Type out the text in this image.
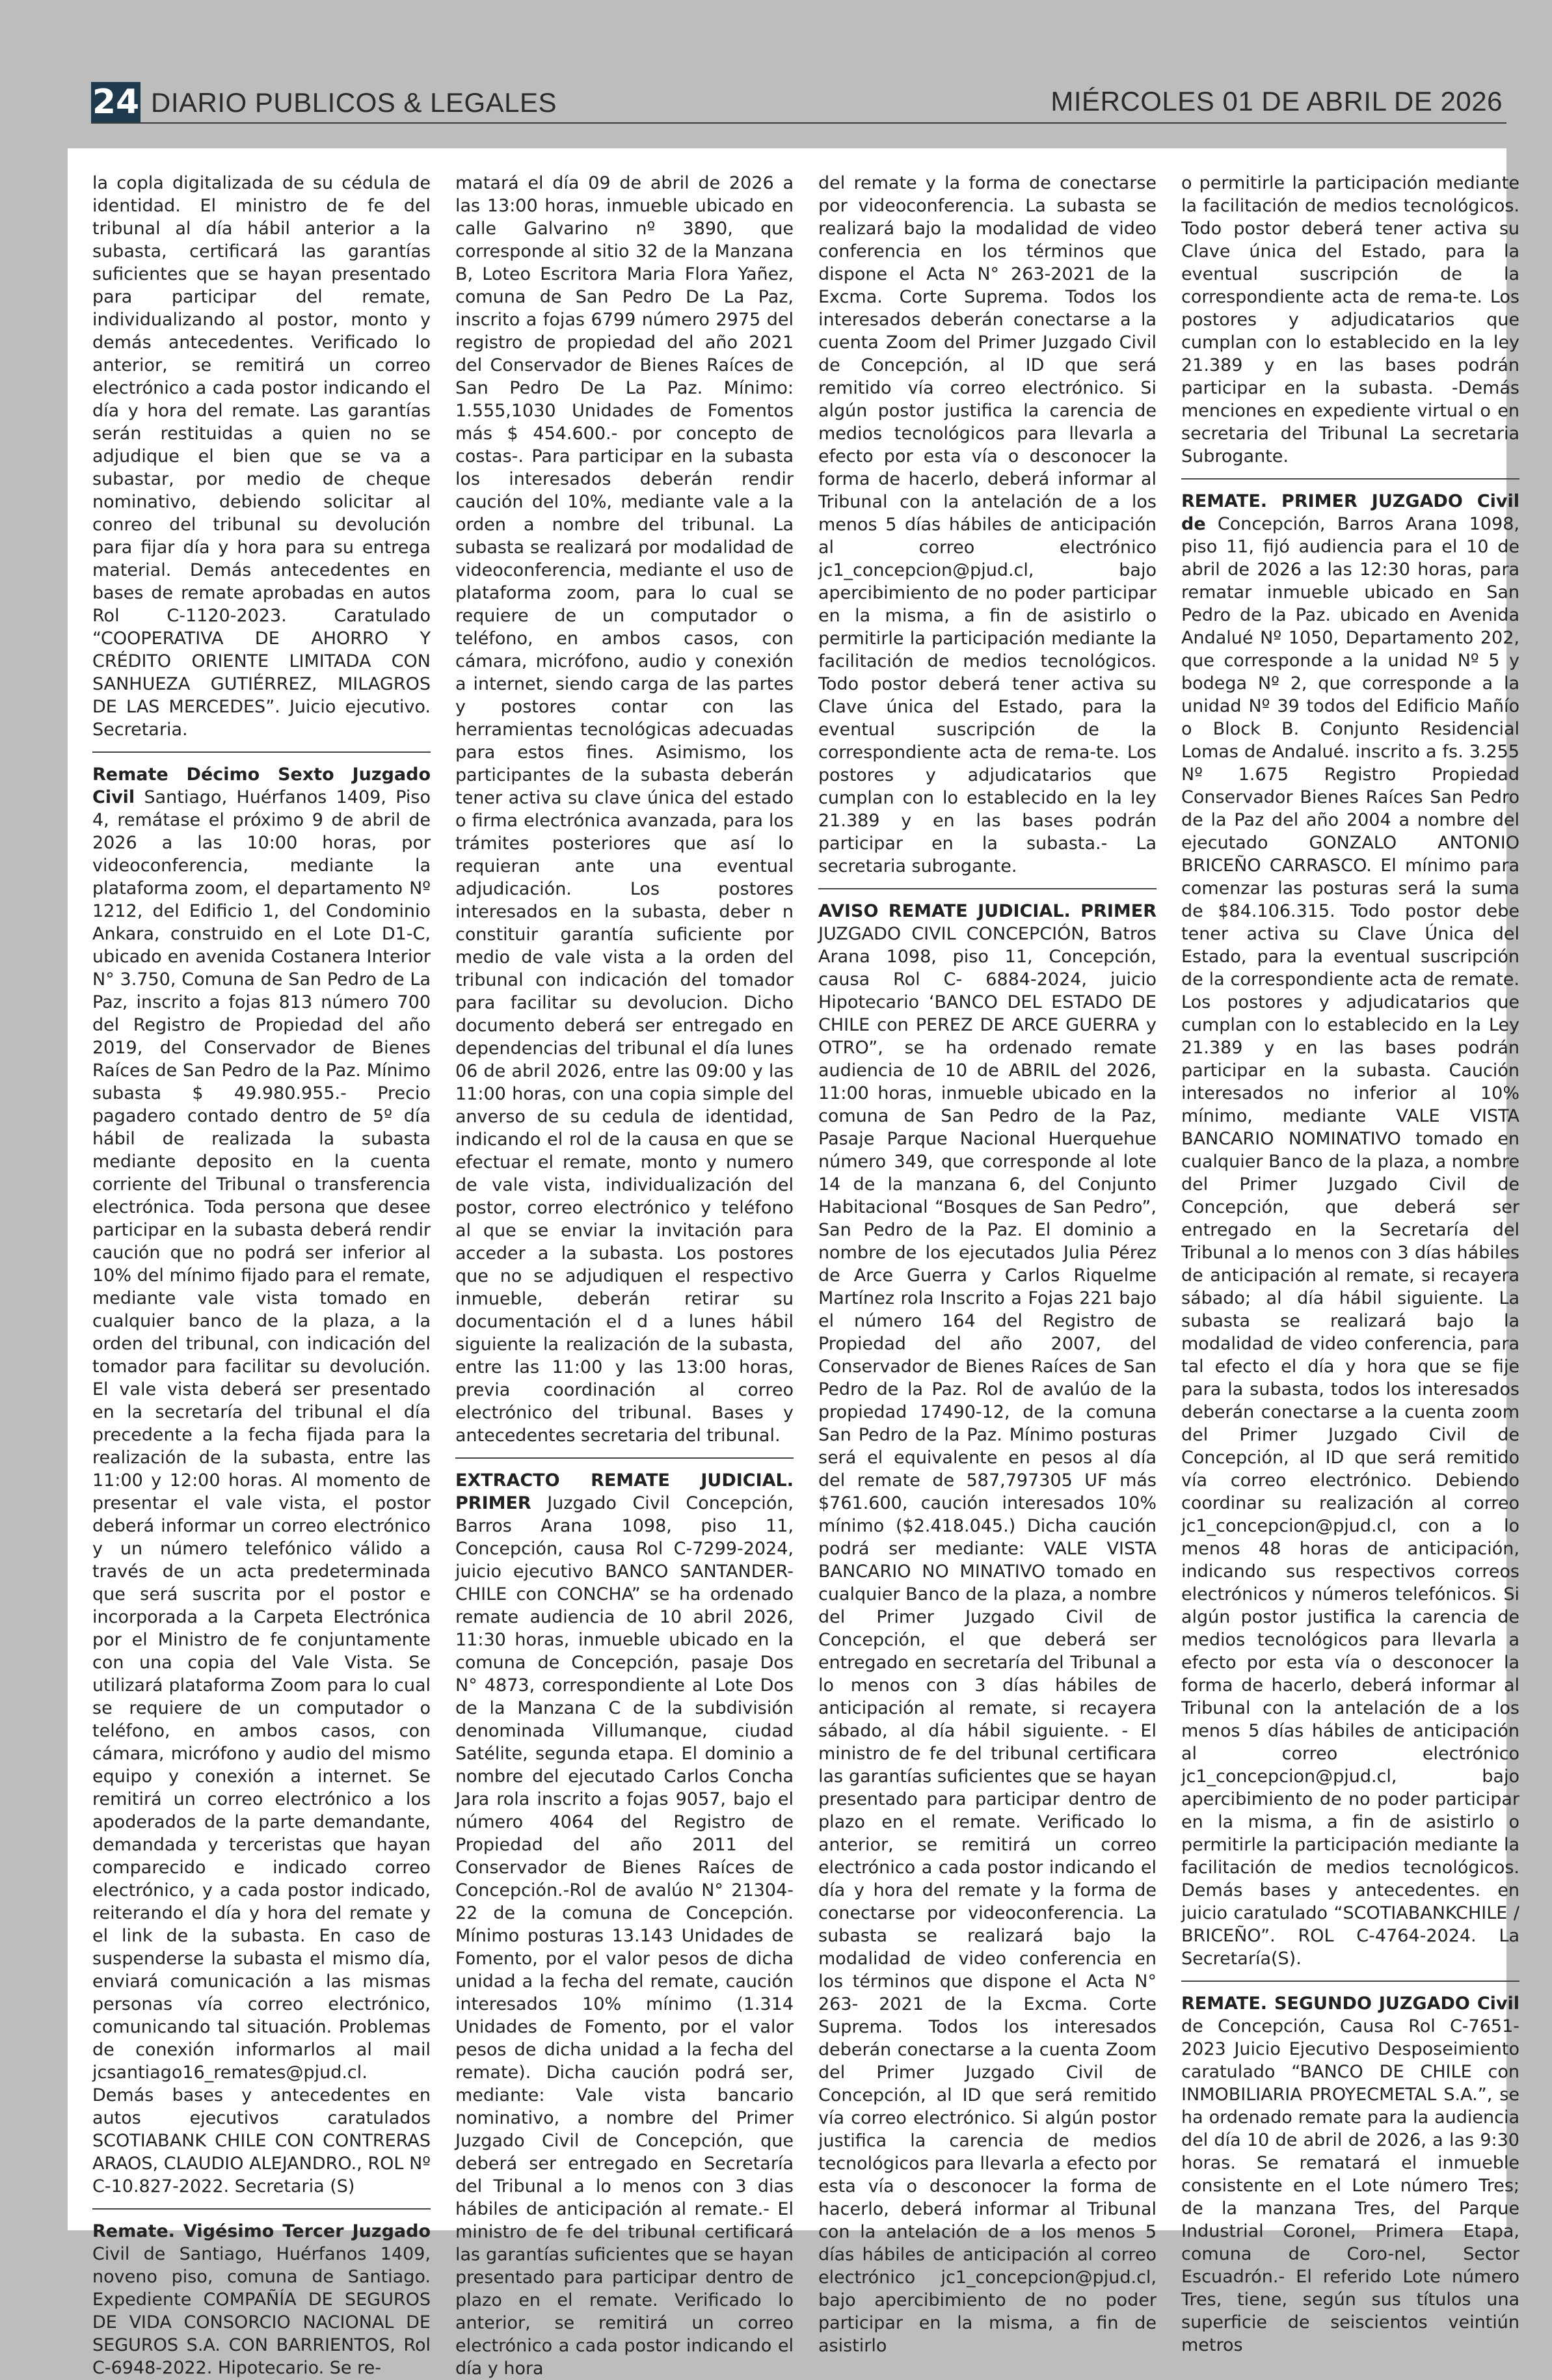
24 DIARIO PUBLICOS & LEGALES	MIÉRCOLES 01 DE ABRIL DE 2026

la copla digitalizada de su cédula de identidad. El ministro de fe del tribunal al día hábil anterior a la subasta, certificará las garantías suficientes que se hayan presentado para participar del remate, individualizando al postor, monto y demás antecedentes. Verificado lo anterior, se remitirá un correo electrónico a cada postor indicando el día y hora del remate. Las garantías serán restituidas a quien no se adjudique el bien que se va a subastar, por medio de cheque nominativo, debiendo solicitar al conreo del tribunal su devolución para fijar día y hora para su entrega material. Demás antecedentes en bases de remate aprobadas en autos Rol C-1120-2023. Caratulado “COOPERATIVA DE AHORRO Y CRÉDITO ORIENTE LIMITADA CON SANHUEZA GUTIÉRREZ, MILAGROS DE LAS MERCEDES”. Juicio ejecutivo. Secretaria.

Remate Décimo Sexto Juzgado Civil Santiago, Huérfanos 1409, Piso 4, remátase el próximo 9 de abril de 2026 a las 10:00 horas, por videoconferencia, mediante la plataforma zoom, el departamento Nº 1212, del Edificio 1, del Condominio Ankara, construido en el Lote D1-C, ubicado en avenida Costanera Interior N° 3.750, Comuna de San Pedro de La Paz, inscrito a fojas 813 número 700 del Registro de Propiedad del año 2019, del Conservador de Bienes Raíces de San Pedro de la Paz. Mínimo subasta $ 49.980.955.- Precio pagadero contado dentro de 5º día hábil de realizada la subasta mediante deposito en la cuenta corriente del Tribunal o transferencia electrónica. Toda persona que desee participar en la subasta deberá rendir caución que no podrá ser inferior al 10% del mínimo fijado para el remate, mediante vale vista tomado en cualquier banco de la plaza, a la orden del tribunal, con indicación del tomador para facilitar su devolución. El vale vista deberá ser presentado en la secretaría del tribunal el día precedente a la fecha fijada para la realización de la subasta, entre las 11:00 y 12:00 horas. Al momento de presentar el vale vista, el postor deberá informar un correo electrónico y un número telefónico válido a través de un acta predeterminada que será suscrita por el postor e incorporada a la Carpeta Electrónica por el Ministro de fe conjuntamente con una copia del Vale Vista. Se utilizará plataforma Zoom para lo cual se requiere de un computador o teléfono, en ambos casos, con cámara, micrófono y audio del mismo equipo y conexión a internet. Se remitirá un correo electrónico a los apoderados de la parte demandante, demandada y terceristas que hayan comparecido e indicado correo electrónico, y a cada postor indicado, reiterando el día y hora del remate y el link de la subasta. En caso de suspenderse la subasta el mismo día, enviará comunicación a las mismas personas vía correo electrónico, comunicando tal situación. Problemas de conexión informarlos al mail jcsantiago16_remates@pjud.cl. Demás bases y antecedentes en autos ejecutivos caratulados SCOTIABANK CHILE CON CONTRERAS ARAOS, CLAUDIO ALEJANDRO., ROL Nº C-10.827-2022. Secretaria (S)

Remate. Vigésimo Tercer Juzgado Civil de Santiago, Huérfanos 1409, noveno piso, comuna de Santiago. Expediente COMPAÑÍA DE SEGUROS DE VIDA CONSORCIO NACIONAL DE SEGUROS S.A. CON BARRIENTOS, Rol C-6948-2022. Hipotecario. Se re-

matará el día 09 de abril de 2026 a las 13:00 horas, inmueble ubicado en calle Galvarino nº 3890, que corresponde al sitio 32 de la Manzana B, Loteo Escritora Maria Flora Yañez, comuna de San Pedro De La Paz, inscrito a fojas 6799 número 2975 del registro de propiedad del año 2021 del Conservador de Bienes Raíces de San Pedro De La Paz. Mínimo: 1.555,1030 Unidades de Fomentos más $ 454.600.- por concepto de costas-. Para participar en la subasta los interesados deberán rendir caución del 10%, mediante vale a la orden a nombre del tribunal. La subasta se realizará por modalidad de videoconferencia, mediante el uso de plataforma zoom, para lo cual se requiere de un computador o teléfono, en ambos casos, con cámara, micrófono, audio y conexión a internet, siendo carga de las partes y postores contar con las herramientas tecnológicas adecuadas para estos fines. Asimismo, los participantes de la subasta deberán tener activa su clave única del estado o firma electrónica avanzada, para los trámites posteriores que así lo requieran ante una eventual adjudicación. Los postores interesados en la subasta, deber n constituir garantía suficiente por medio de vale vista a la orden del tribunal con indicación del tomador para facilitar su devolucion. Dicho documento deberá ser entregado en dependencias del tribunal el día lunes 06 de abril 2026, entre las 09:00 y las 11:00 horas, con una copia simple del anverso de su cedula de identidad, indicando el rol de la causa en que se efectuar el remate, monto y numero de vale vista, individualización del postor, correo electrónico y teléfono al que se enviar la invitación para acceder a la subasta. Los postores que no se adjudiquen el respectivo inmueble, deberán retirar su documentación el d a lunes hábil siguiente la realización de la subasta, entre las 11:00 y las 13:00 horas, previa coordinación al correo electrónico del tribunal. Bases y antecedentes secretaria del tribunal.

EXTRACTO REMATE JUDICIAL. PRIMER Juzgado Civil Concepción, Barros Arana 1098, piso 11, Concepción, causa Rol C-7299-2024, juicio ejecutivo BANCO SANTANDER-CHILE con CONCHA” se ha ordenado remate audiencia de 10 abril 2026, 11:30 horas, inmueble ubicado en la comuna de Concepción, pasaje Dos N° 4873, correspondiente al Lote Dos de la Manzana C de la subdivisión denominada Villumanque, ciudad Satélite, segunda etapa. El dominio a nombre del ejecutado Carlos Concha Jara rola inscrito a fojas 9057, bajo el número 4064 del Registro de Propiedad del año 2011 del Conservador de Bienes Raíces de Concepción.-Rol de avalúo N° 21304-22 de la comuna de Concepción. Mínimo posturas 13.143 Unidades de Fomento, por el valor pesos de dicha unidad a la fecha del remate, caución interesados 10% mínimo (1.314 Unidades de Fomento, por el valor pesos de dicha unidad a la fecha del remate). Dicha caución podrá ser, mediante: Vale vista bancario nominativo, a nombre del Primer Juzgado Civil de Concepción, que deberá ser entregado en Secretaría del Tribunal a lo menos con 3 dias hábiles de anticipación al remate.- El ministro de fe del tribunal certificará las garantías suficientes que se hayan presentado para participar dentro de plazo en el remate. Verificado lo anterior, se remitirá un correo electrónico a cada postor indicando el día y hora

del remate y la forma de conectarse por videoconferencia. La subasta se realizará bajo la modalidad de video conferencia en los términos que dispone el Acta N° 263-2021 de la Excma. Corte Suprema. Todos los interesados deberán conectarse a la cuenta Zoom del Primer Juzgado Civil de Concepción, al ID que será remitido vía correo electrónico. Si algún postor justifica la carencia de medios tecnológicos para llevarla a efecto por esta vía o desconocer la forma de hacerlo, deberá informar al Tribunal con la antelación de a los menos 5 días hábiles de anticipación al correo electrónico jc1_concepcion@pjud.cl, bajo apercibimiento de no poder participar en la misma, a fin de asistirlo o permitirle la participación mediante la facilitación de medios tecnológicos. Todo postor deberá tener activa su Clave única del Estado, para la eventual suscripción de la correspondiente acta de rema-te. Los postores y adjudicatarios que cumplan con lo establecido en la ley 21.389 y en las bases podrán participar en la subasta.- La secretaria subrogante.

AVISO REMATE JUDICIAL. PRIMER JUZGADO CIVIL CONCEPCIÓN, Batros Arana 1098, piso 11, Concepción, causa Rol C- 6884-2024, juicio Hipotecario ‘BANCO DEL ESTADO DE CHILE con PEREZ DE ARCE GUERRA y OTRO”, se ha ordenado remate audiencia de 10 de ABRIL del 2026, 11:00 horas, inmueble ubicado en la comuna de San Pedro de la Paz, Pasaje Parque Nacional Huerquehue número 349, que corresponde al lote 14 de la manzana 6, del Conjunto Habitacional “Bosques de San Pedro”, San Pedro de la Paz. El dominio a nombre de los ejecutados Julia Pérez de Arce Guerra y Carlos Riquelme Martínez rola Inscrito a Fojas 221 bajo el número 164 del Registro de Propiedad del año 2007, del Conservador de Bienes Raíces de San Pedro de la Paz. Rol de avalúo de la propiedad 17490-12, de la comuna San Pedro de la Paz. Mínimo posturas será el equivalente en pesos al día del remate de 587,797305 UF más $761.600, caución interesados 10% mínimo ($2.418.045.) Dicha caución podrá ser mediante: VALE VISTA BANCARIO NO MINATIVO tomado en cualquier Banco de la plaza, a nombre del Primer Juzgado Civil de Concepción, el que deberá ser entregado en secretaría del Tribunal a lo menos con 3 días hábiles de anticipación al remate, si recayera sábado, al día hábil siguiente. - El ministro de fe del tribunal certificara las garantías suficientes que se hayan presentado para participar dentro de plazo en el remate. Verificado lo anterior, se remitirá un correo electrónico a cada postor indicando el día y hora del remate y la forma de conectarse por videoconferencia. La subasta se realizará bajo la modalidad de video conferencia en los términos que dispone el Acta N° 263- 2021 de la Excma. Corte Suprema. Todos los interesados deberán conectarse a la cuenta Zoom del Primer Juzgado Civil de Concepción, al ID que será remitido vía correo electrónico. Si algún postor justifica la carencia de medios tecnológicos para llevarla a efecto por esta vía o desconocer la forma de hacerlo, deberá informar al Tribunal con la antelación de a los menos 5 días hábiles de anticipación al correo electrónico jc1_concepcion@pjud.cl, bajo apercibimiento de no poder participar en la misma, a fin de asistirlo

o permitirle la participación mediante la facilitación de medios tecnológicos. Todo postor deberá tener activa su Clave única del Estado, para la eventual suscripción de la correspondiente acta de rema-te. Los postores y adjudicatarios que cumplan con lo establecido en la ley 21.389 y en las bases podrán participar en la subasta. -Demás menciones en expediente virtual o en secretaria del Tribunal La secretaria Subrogante.

REMATE. PRIMER JUZGADO Civil de Concepción, Barros Arana 1098, piso 11, fijó audiencia para el 10 de abril de 2026 a las 12:30 horas, para rematar inmueble ubicado en San Pedro de la Paz. ubicado en Avenida Andalué Nº 1050, Departamento 202, que corresponde a la unidad Nº 5 y bodega Nº 2, que corresponde a la unidad Nº 39 todos del Edificio Mañío o Block B. Conjunto Residencial Lomas de Andalué. inscrito a fs. 3.255 Nº 1.675 Registro Propiedad Conservador Bienes Raíces San Pedro de la Paz del año 2004 a nombre del ejecutado GONZALO ANTONIO BRICEÑO CARRASCO. El mínimo para comenzar las posturas será la suma de $84.106.315. Todo postor debe tener activa su Clave Única del Estado, para la eventual suscripción de la correspondiente acta de remate. Los postores y adjudicatarios que cumplan con lo establecido en la Ley 21.389 y en las bases podrán participar en la subasta. Caución interesados no inferior al 10% mínimo, mediante VALE VISTA BANCARIO NOMINATIVO tomado en cualquier Banco de la plaza, a nombre del Primer Juzgado Civil de Concepción, que deberá ser entregado en la Secretaría del Tribunal a lo menos con 3 días hábiles de anticipación al remate, si recayera sábado; al día hábil siguiente. La subasta se realizará bajo la modalidad de video conferencia, para tal efecto el día y hora que se fije para la subasta, todos los interesados deberán conectarse a la cuenta zoom del Primer Juzgado Civil de Concepción, al ID que será remitido vía correo electrónico. Debiendo coordinar su realización al correo jc1_concepcion@pjud.cl, con a lo menos 48 horas de anticipación, indicando sus respectivos correos electrónicos y números telefónicos. Si algún postor justifica la carencia de medios tecnológicos para llevarla a efecto por esta vía o desconocer la forma de hacerlo, deberá informar al Tribunal con la antelación de a los menos 5 días hábiles de anticipación al correo electrónico jc1_concepcion@pjud.cl, bajo apercibimiento de no poder participar en la misma, a fin de asistirlo o permitirle la participación mediante la facilitación de medios tecnológicos. Demás bases y antecedentes. en juicio caratulado “SCOTIABANKCHILE / BRICEÑO”. ROL C-4764-2024. La Secretaría(S).

REMATE. SEGUNDO JUZGADO Civil de Concepción, Causa Rol C-7651-2023 Juicio Ejecutivo Desposeimiento caratulado “BANCO DE CHILE con INMOBILIARIA PROYECMETAL S.A.”, se ha ordenado remate para la audiencia del día 10 de abril de 2026, a las 9:30 horas. Se rematará el inmueble consistente en el Lote número Tres; de la manzana Tres, del Parque Industrial Coronel, Primera Etapa, comuna de Coro-nel, Sector Escuadrón.- El referido Lote número Tres, tiene, según sus títulos una superficie de seiscientos veintiún metros
